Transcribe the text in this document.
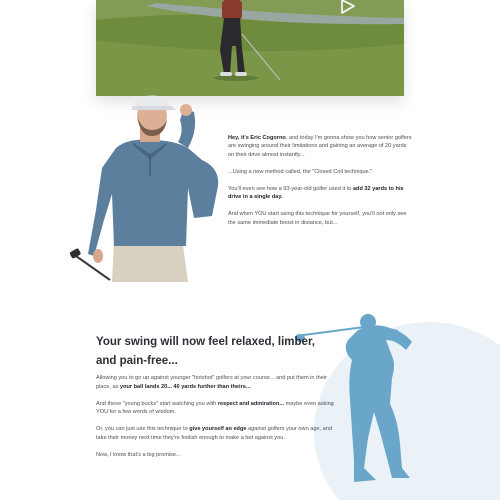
Hey, it's Eric Cogorno, and today I'm gonna show you how senior golfers are swinging around their limitations and gaining an average of 20 yards on their drive almost instantly...

...Using a new method called, the "Closed Coil technique."

You'll even see how a 93-year-old golfer used it to add 32 yards to his drive in a single day.

And when YOU start using this technique for yourself, you'll not only see the same immediate boost in distance, but...

Your swing will now feel relaxed, limber, and pain-free...

Allowing you to go up against younger "hotshot" golfers at your course... and put them in their place, as your ball lands 20... 40 yards further than theirs...

And these "young bucks" start watching you with respect and admiration... maybe even asking YOU for a few words of wisdom.

Or, you can just use this technique to give yourself an edge against golfers your own age, and take their money next time they're foolish enough to make a bet against you.

Now, I know that's a big promise...
